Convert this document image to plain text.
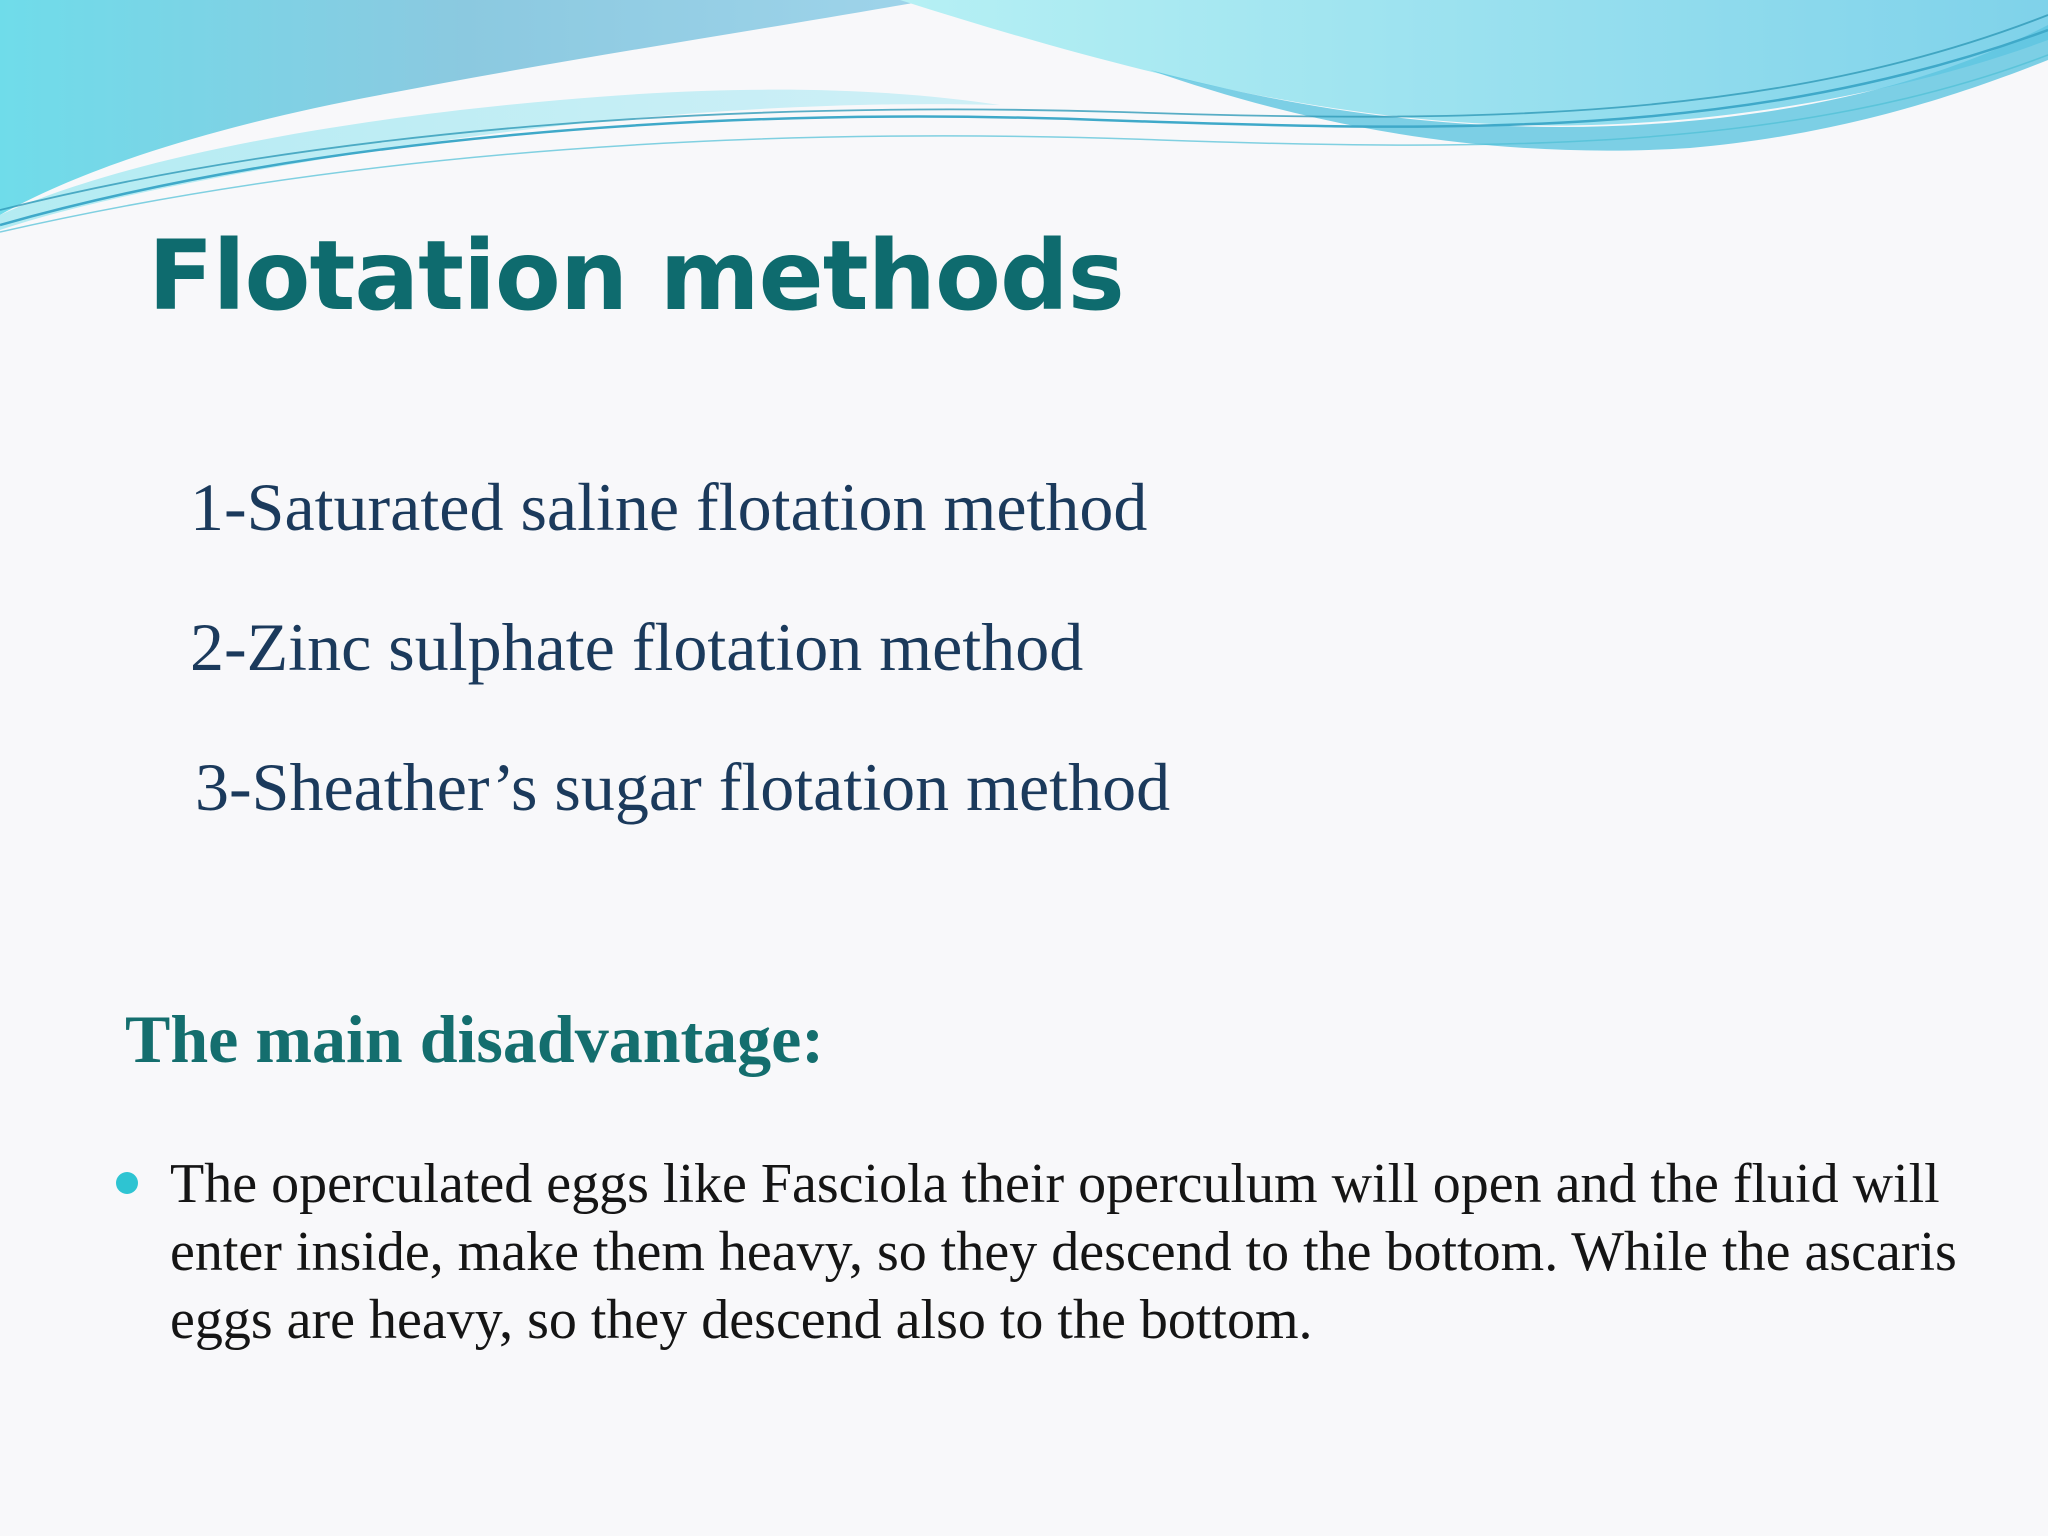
Flotation methods

1-Saturated saline flotation method

2-Zinc sulphate flotation method

3-Sheather’s sugar flotation method

The main disadvantage:

The operculated eggs like Fasciola their operculum will open and the fluid will enter inside, make them heavy, so they descend to the bottom. While the ascaris eggs are heavy, so they descend also to the bottom.
